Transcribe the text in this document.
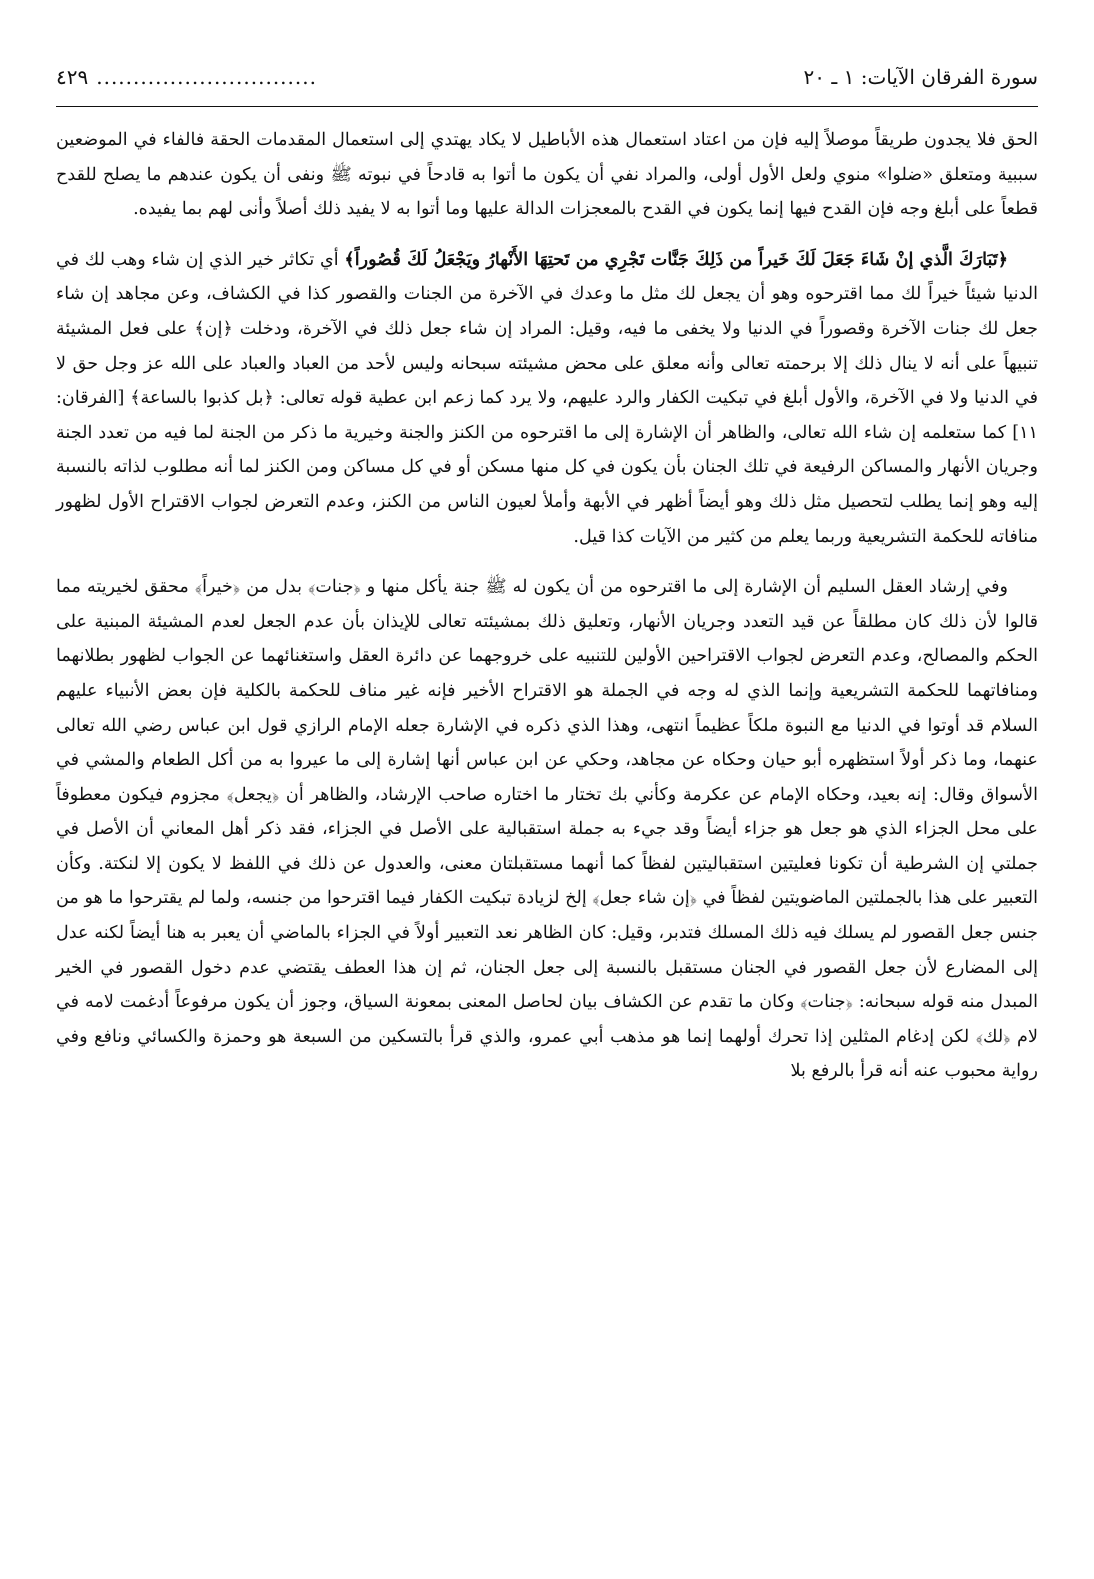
سورة الفرقان الآيات: ١ ـ ٢٠
..............................
٤٢٩

الحق فلا يجدون طريقاً موصلاً إليه فإن من اعتاد استعمال هذه الأباطيل لا يكاد يهتدي إلى استعمال المقدمات الحقة فالفاء في الموضعين سببية ومتعلق «ضلوا» منوي ولعل الأول أولى، والمراد نفي أن يكون ما أتوا به قادحاً في نبوته ﷺ ونفى أن يكون عندهم ما يصلح للقدح قطعاً على أبلغ وجه فإن القدح فيها إنما يكون في القدح بالمعجزات الدالة عليها وما أتوا به لا يفيد ذلك أصلاً وأنى لهم بما يفيده.

﴿تَبَارَكَ الَّذي إنْ شَاءَ جَعَلَ لَكَ خَيراً من ذَلِكَ جَنَّات تَجْرِي من تَحتِهَا الأَنْهارُ ويَجْعَلُ لَكَ قُصُوراً﴾ أي تكاثر خير الذي إن شاء وهب لك في الدنيا شيئاً خيراً لك مما اقترحوه وهو أن يجعل لك مثل ما وعدك في الآخرة من الجنات والقصور كذا في الكشاف، وعن مجاهد إن شاء جعل لك جنات الآخرة وقصوراً في الدنيا ولا يخفى ما فيه، وقيل: المراد إن شاء جعل ذلك في الآخرة، ودخلت ﴿إن﴾ على فعل المشيئة تنبيهاً على أنه لا ينال ذلك إلا برحمته تعالى وأنه معلق على محض مشيئته سبحانه وليس لأحد من العباد والعباد على الله عز وجل حق لا في الدنيا ولا في الآخرة، والأول أبلغ في تبكيت الكفار والرد عليهم، ولا يرد كما زعم ابن عطية قوله تعالى: ﴿بل كذبوا بالساعة﴾ [الفرقان: ١١] كما ستعلمه إن شاء الله تعالى، والظاهر أن الإشارة إلى ما اقترحوه من الكنز والجنة وخيرية ما ذكر من الجنة لما فيه من تعدد الجنة وجريان الأنهار والمساكن الرفيعة في تلك الجنان بأن يكون في كل منها مسكن أو في كل مساكن ومن الكنز لما أنه مطلوب لذاته بالنسبة إليه وهو إنما يطلب لتحصيل مثل ذلك وهو أيضاً أظهر في الأبهة وأملأ لعيون الناس من الكنز، وعدم التعرض لجواب الاقتراح الأول لظهور منافاته للحكمة التشريعية وربما يعلم من كثير من الآيات كذا قيل.

وفي إرشاد العقل السليم أن الإشارة إلى ما اقترحوه من أن يكون له ﷺ جنة يأكل منها و ﴿جنات﴾ بدل من ﴿خيراً﴾ محقق لخيريته مما قالوا لأن ذلك كان مطلقاً عن قيد التعدد وجريان الأنهار، وتعليق ذلك بمشيئته تعالى للإيذان بأن عدم الجعل لعدم المشيئة المبنية على الحكم والمصالح، وعدم التعرض لجواب الاقتراحين الأولين للتنبيه على خروجهما عن دائرة العقل واستغنائهما عن الجواب لظهور بطلانهما ومنافاتهما للحكمة التشريعية وإنما الذي له وجه في الجملة هو الاقتراح الأخير فإنه غير مناف للحكمة بالكلية فإن بعض الأنبياء عليهم السلام قد أوتوا في الدنيا مع النبوة ملكاً عظيماً انتهى، وهذا الذي ذكره في الإشارة جعله الإمام الرازي قول ابن عباس رضي الله تعالى عنهما، وما ذكر أولاً استظهره أبو حيان وحكاه عن مجاهد، وحكي عن ابن عباس أنها إشارة إلى ما عيروا به من أكل الطعام والمشي في الأسواق وقال: إنه بعيد، وحكاه الإمام عن عكرمة وكأني بك تختار ما اختاره صاحب الإرشاد، والظاهر أن ﴿يجعل﴾ مجزوم فيكون معطوفاً على محل الجزاء الذي هو جعل هو جزاء أيضاً وقد جيء به جملة استقبالية على الأصل في الجزاء، فقد ذكر أهل المعاني أن الأصل في جملتي إن الشرطية أن تكونا فعليتين استقباليتين لفظاً كما أنهما مستقبلتان معنى، والعدول عن ذلك في اللفظ لا يكون إلا لنكتة. وكأن التعبير على هذا بالجملتين الماضويتين لفظاً في ﴿إن شاء جعل﴾ إلخ لزيادة تبكيت الكفار فيما اقترحوا من جنسه، ولما لم يقترحوا ما هو من جنس جعل القصور لم يسلك فيه ذلك المسلك فتدبر، وقيل: كان الظاهر نعد التعبير أولاً في الجزاء بالماضي أن يعبر به هنا أيضاً لكنه عدل إلى المضارع لأن جعل القصور في الجنان مستقبل بالنسبة إلى جعل الجنان، ثم إن هذا العطف يقتضي عدم دخول القصور في الخير المبدل منه قوله سبحانه: ﴿جنات﴾ وكان ما تقدم عن الكشاف بيان لحاصل المعنى بمعونة السياق، وجوز أن يكون مرفوعاً أدغمت لامه في لام ﴿لك﴾ لكن إدغام المثلين إذا تحرك أولهما إنما هو مذهب أبي عمرو، والذي قرأ بالتسكين من السبعة هو وحمزة والكسائي ونافع وفي رواية محبوب عنه أنه قرأ بالرفع بلا
